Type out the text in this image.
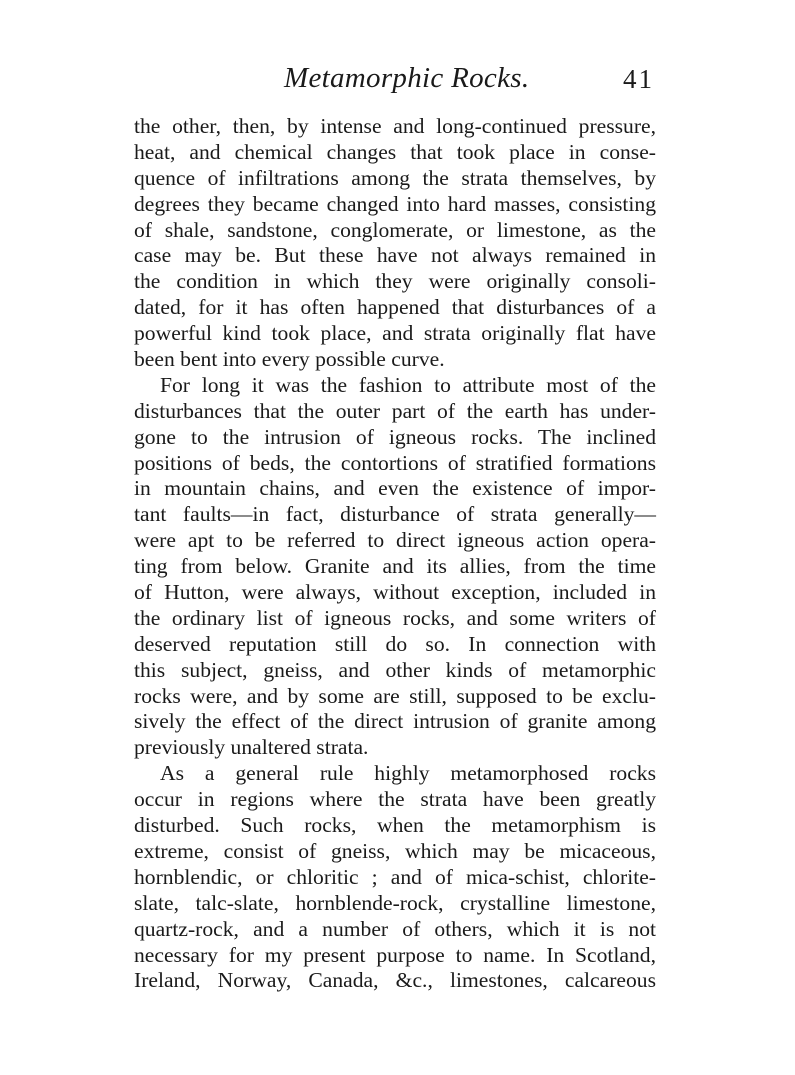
Metamorphic Rocks.	41
the other, then, by intense and long-continued pressure,
heat, and chemical changes that took place in conse-
quence of infiltrations among the strata themselves, by
degrees they became changed into hard masses, consisting
of shale, sandstone, conglomerate, or limestone, as the
case may be. But these have not always remained in
the condition in which they were originally consoli-
dated, for it has often happened that disturbances of a
powerful kind took place, and strata originally flat have
been bent into every possible curve.
For long it was the fashion to attribute most of the
disturbances that the outer part of the earth has under-
gone to the intrusion of igneous rocks. The inclined
positions of beds, the contortions of stratified formations
in mountain chains, and even the existence of impor-
tant faults—in fact, disturbance of strata generally—
were apt to be referred to direct igneous action opera-
ting from below. Granite and its allies, from the time
of Hutton, were always, without exception, included in
the ordinary list of igneous rocks, and some writers of
deserved reputation still do so. In connection with
this subject, gneiss, and other kinds of metamorphic
rocks were, and by some are still, supposed to be exclu-
sively the effect of the direct intrusion of granite among
previously unaltered strata.
As a general rule highly metamorphosed rocks
occur in regions where the strata have been greatly
disturbed. Such rocks, when the metamorphism is
extreme, consist of gneiss, which may be micaceous,
hornblendic, or chloritic ; and of mica-schist, chlorite-
slate, talc-slate, hornblende-rock, crystalline limestone,
quartz-rock, and a number of others, which it is not
necessary for my present purpose to name. In Scotland,
Ireland, Norway, Canada, &c., limestones, calcareous
